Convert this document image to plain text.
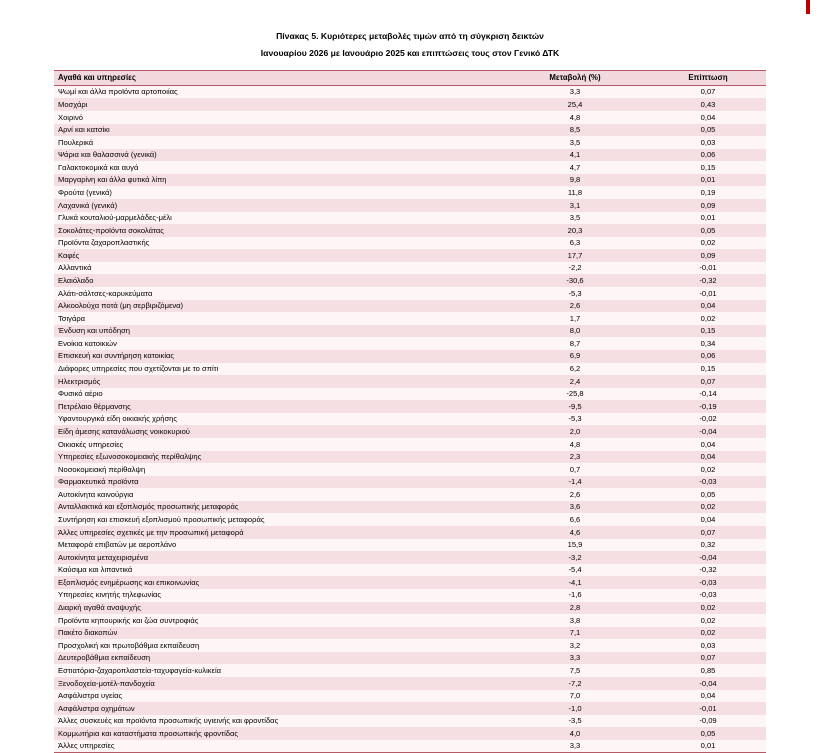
Πίνακας 5. Κυριότερες μεταβολές τιμών από τη σύγκριση δεικτών
Ιανουαρίου 2026 με Ιανουάριο 2025 και επιπτώσεις τους στον Γενικό ΔΤΚ
Αγαθά και υπηρεσίες	Μεταβολή (%)	Επίπτωση
Ψωμί και άλλα προϊόντα αρτοποιίας	3,3	0,07
Μοσχάρι	25,4	0,43
Χοιρινό	4,8	0,04
Αρνί και κατσίκι	8,5	0,05
Πουλερικά	3,5	0,03
Ψάρια και θαλασσινά (γενικά)	4,1	0,06
Γαλακτοκομικά και αυγά	4,7	0,15
Μαργαρίνη και άλλα φυτικά λίπη	9,8	0,01
Φρούτα (γενικά)	11,8	0,19
Λαχανικά (γενικά)	3,1	0,09
Γλυκά κουταλιού-μαρμελάδες-μέλι	3,5	0,01
Σοκολάτες-προϊόντα σοκολάτας	20,3	0,05
Προϊόντα ζαχαροπλαστικής	6,3	0,02
Καφές	17,7	0,09
Αλλαντικά	-2,2	-0,01
Ελαιόλαδο	-30,6	-0,32
Αλάτι-σάλτσες-καρυκεύματα	-5,3	-0,01
Αλκοολούχα ποτά (μη σερβιριζόμενα)	2,6	0,04
Τσιγάρα	1,7	0,02
Ένδυση και υπόδηση	8,0	0,15
Ενοίκια κατοικιών	8,7	0,34
Επισκευή και συντήρηση κατοικίας	6,9	0,06
Διάφορες υπηρεσίες που σχετίζονται με το σπίτι	6,2	0,15
Ηλεκτρισμός	2,4	0,07
Φυσικό αέριο	-25,8	-0,14
Πετρέλαιο θέρμανσης	-9,5	-0,19
Υφαντουργικά είδη οικιακής χρήσης	-5,3	-0,02
Είδη άμεσης κατανάλωσης νοικοκυριού	2,0	-0,04
Οικιακές υπηρεσίες	4,8	0,04
Υπηρεσίες εξωνοσοκομειακής περίθαλψης	2,3	0,04
Νοσοκομειακή περίθαλψη	0,7	0,02
Φαρμακευτικά προϊόντα	-1,4	-0,03
Αυτοκίνητα καινούργια	2,6	0,05
Ανταλλακτικά και εξοπλισμός προσωπικής μεταφοράς	3,6	0,02
Συντήρηση και επισκευή εξοπλισμού προσωπικής μεταφοράς	6,6	0,04
Άλλες υπηρεσίες σχετικές με την προσωπική μεταφορά	4,6	0,07
Μεταφορά επιβατών με αεροπλάνο	15,9	0,32
Αυτοκίνητα μεταχειρισμένα	-3,2	-0,04
Καύσιμα και λιπαντικά	-5,4	-0,32
Εξοπλισμός ενημέρωσης και επικοινωνίας	-4,1	-0,03
Υπηρεσίες κινητής τηλεφωνίας	-1,6	-0,03
Διαρκή αγαθά αναψυχής	2,8	0,02
Προϊόντα κηπουρικής και ζώα συντροφιάς	3,8	0,02
Πακέτο διακοπών	7,1	0,02
Προσχολική και πρωτοβάθμια εκπαίδευση	3,2	0,03
Δευτεροβάθμια εκπαίδευση	3,3	0,07
Εστιατόρια-ζαχαροπλαστεία-ταχυφαγεία-κυλικεία	7,5	0,85
Ξενοδοχεία-μοτέλ-πανδοχεία	-7,2	-0,04
Ασφάλιστρα υγείας	7,0	0,04
Ασφάλιστρα οχημάτων	-1,0	-0,01
Άλλες συσκευές και προϊόντα προσωπικής υγιεινής και φροντίδας	-3,5	-0,09
Κομμωτήρια και καταστήματα προσωπικής φροντίδας	4,0	0,05
Άλλες υπηρεσίες	3,3	0,01
